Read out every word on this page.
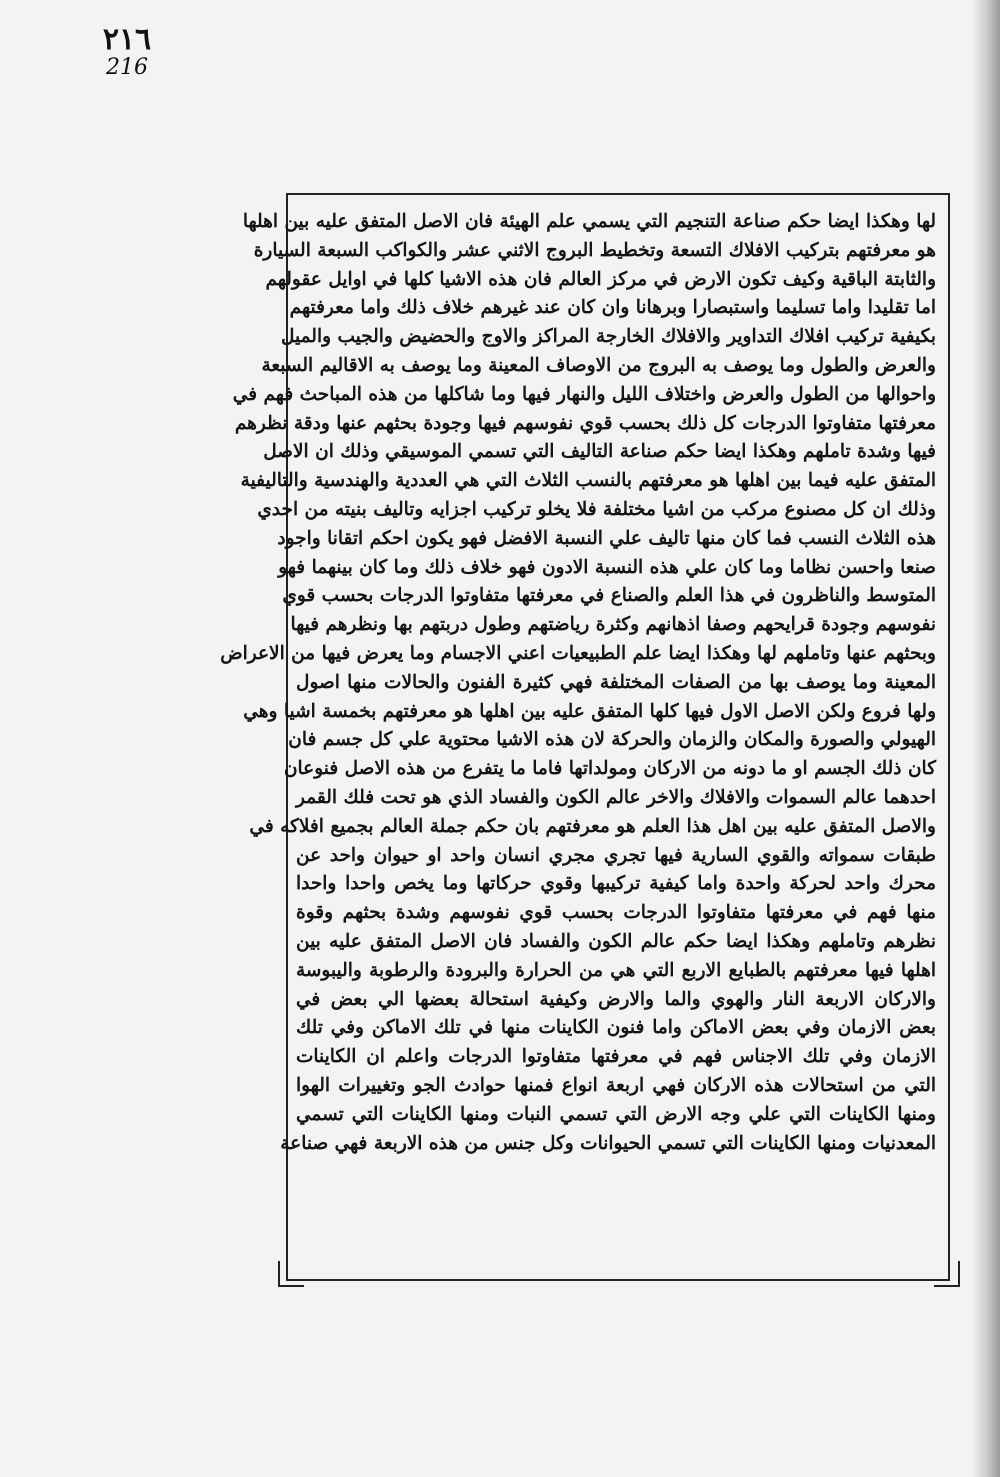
٢١٦
216
لها وهكذا ايضا حكم صناعة التنجيم التي يسمي علم الهيئة فان الاصل المتفق عليه بين اهلها
هو معرفتهم بتركيب الافلاك التسعة وتخطيط البروج الاثني عشر والكواكب السبعة السيارة
والثابتة الباقية وكيف تكون الارض في مركز العالم فان هذه الاشيا كلها في اوايل عقولهم
اما تقليدا واما تسليما واستبصارا وبرهانا وان كان عند غيرهم خلاف ذلك واما معرفتهم
بكيفية تركيب افلاك التداوير والافلاك الخارجة المراكز والاوج والحضيض والجيب والميل
والعرض والطول وما يوصف به البروج من الاوصاف المعينة وما يوصف به الاقاليم السبعة
واحوالها من الطول والعرض واختلاف الليل والنهار فيها وما شاكلها من هذه المباحث فهم في
معرفتها متفاوتوا الدرجات كل ذلك بحسب قوي نفوسهم فيها وجودة بحثهم عنها ودقة نظرهم
فيها وشدة تاملهم وهكذا ايضا حكم صناعة التاليف التي تسمي الموسيقي وذلك ان الاصل
المتفق عليه فيما بين اهلها هو معرفتهم بالنسب الثلاث التي هي العددية والهندسية والتاليفية
وذلك ان كل مصنوع مركب من اشيا مختلفة فلا يخلو تركيب اجزايه وتاليف بنيته من احدي
هذه الثلاث النسب فما كان منها تاليف علي النسبة الافضل فهو يكون احكم اتقانا واجود
صنعا واحسن نظاما وما كان علي هذه النسبة الادون فهو خلاف ذلك وما كان بينهما فهو
المتوسط والناظرون في هذا العلم والصناع في معرفتها متفاوتوا الدرجات بحسب قوي
نفوسهم وجودة قرايحهم وصفا اذهانهم وكثرة رياضتهم وطول دربتهم بها ونظرهم فيها
وبحثهم عنها وتاملهم لها وهكذا ايضا علم الطبيعيات اعني الاجسام وما يعرض فيها من الاعراض
المعينة وما يوصف بها من الصفات المختلفة فهي كثيرة الفنون والحالات منها اصول
ولها فروع ولكن الاصل الاول فيها كلها المتفق عليه بين اهلها هو معرفتهم بخمسة اشيا وهي
الهيولي والصورة والمكان والزمان والحركة لان هذه الاشيا محتوية علي كل جسم فان
كان ذلك الجسم او ما دونه من الاركان ومولداتها فاما ما يتفرع من هذه الاصل فنوعان
احدهما عالم السموات والافلاك والاخر عالم الكون والفساد الذي هو تحت فلك القمر
والاصل المتفق عليه بين اهل هذا العلم هو معرفتهم بان حكم جملة العالم بجميع افلاكه في
طبقات سمواته والقوي السارية فيها تجري مجري انسان واحد او حيوان واحد عن
محرك واحد لحركة واحدة واما كيفية تركيبها وقوي حركاتها وما يخص واحدا واحدا
منها فهم في معرفتها متفاوتوا الدرجات بحسب قوي نفوسهم وشدة بحثهم وقوة
نظرهم وتاملهم وهكذا ايضا حكم عالم الكون والفساد فان الاصل المتفق عليه بين
اهلها فيها معرفتهم بالطبايع الاربع التي هي من الحرارة والبرودة والرطوبة واليبوسة
والاركان الاربعة النار والهوي والما والارض وكيفية استحالة بعضها الي بعض في
بعض الازمان وفي بعض الاماكن واما فنون الكاينات منها في تلك الاماكن وفي تلك
الازمان وفي تلك الاجناس فهم في معرفتها متفاوتوا الدرجات واعلم ان الكاينات
التي من استحالات هذه الاركان فهي اربعة انواع فمنها حوادث الجو وتغييرات الهوا
ومنها الكاينات التي علي وجه الارض التي تسمي النبات ومنها الكاينات التي تسمي
المعدنيات ومنها الكاينات التي تسمي الحيوانات وكل جنس من هذه الاربعة فهي صناعة
